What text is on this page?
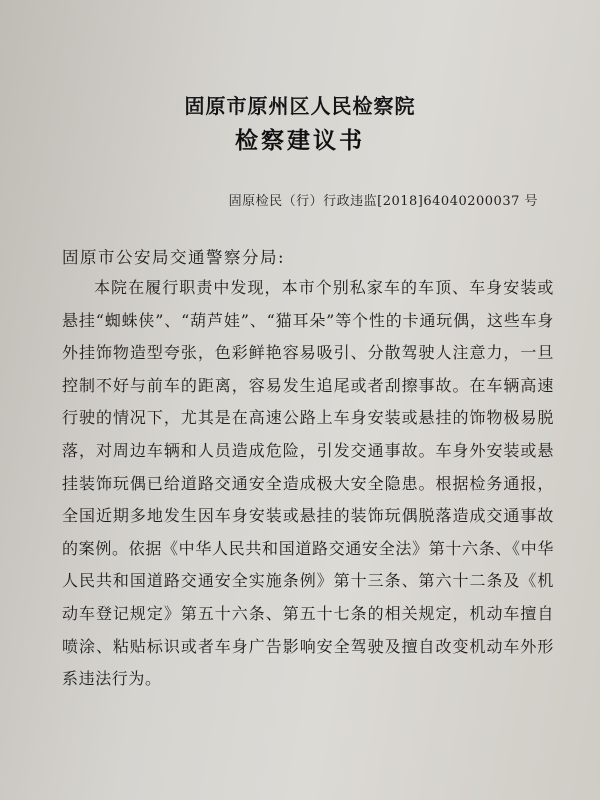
固原市原州区人民检察院
检察建议书
固原检民（行）行政违监[2018]64040200037 号
固原市公安局交通警察分局:

本院在履行职责中发现，本市个别私家车的车顶、车身安装或悬挂“蜘蛛侠”、“葫芦娃”、“猫耳朵”等个性的卡通玩偶，这些车身外挂饰物造型夸张，色彩鲜艳容易吸引、分散驾驶人注意力，一旦控制不好与前车的距离，容易发生追尾或者刮擦事故。在车辆高速行驶的情况下，尤其是在高速公路上车身安装或悬挂的饰物极易脱落，对周边车辆和人员造成危险，引发交通事故。车身外安装或悬挂装饰玩偶已给道路交通安全造成极大安全隐患。根据检务通报，全国近期多地发生因车身安装或悬挂的装饰玩偶脱落造成交通事故的案例。依据《中华人民共和国道路交通安全法》第十六条、《中华人民共和国道路交通安全实施条例》第十三条、第六十二条及《机动车登记规定》第五十六条、第五十七条的相关规定，机动车擅自喷涂、粘贴标识或者车身广告影响安全驾驶及擅自改变机动车外形系违法行为。
